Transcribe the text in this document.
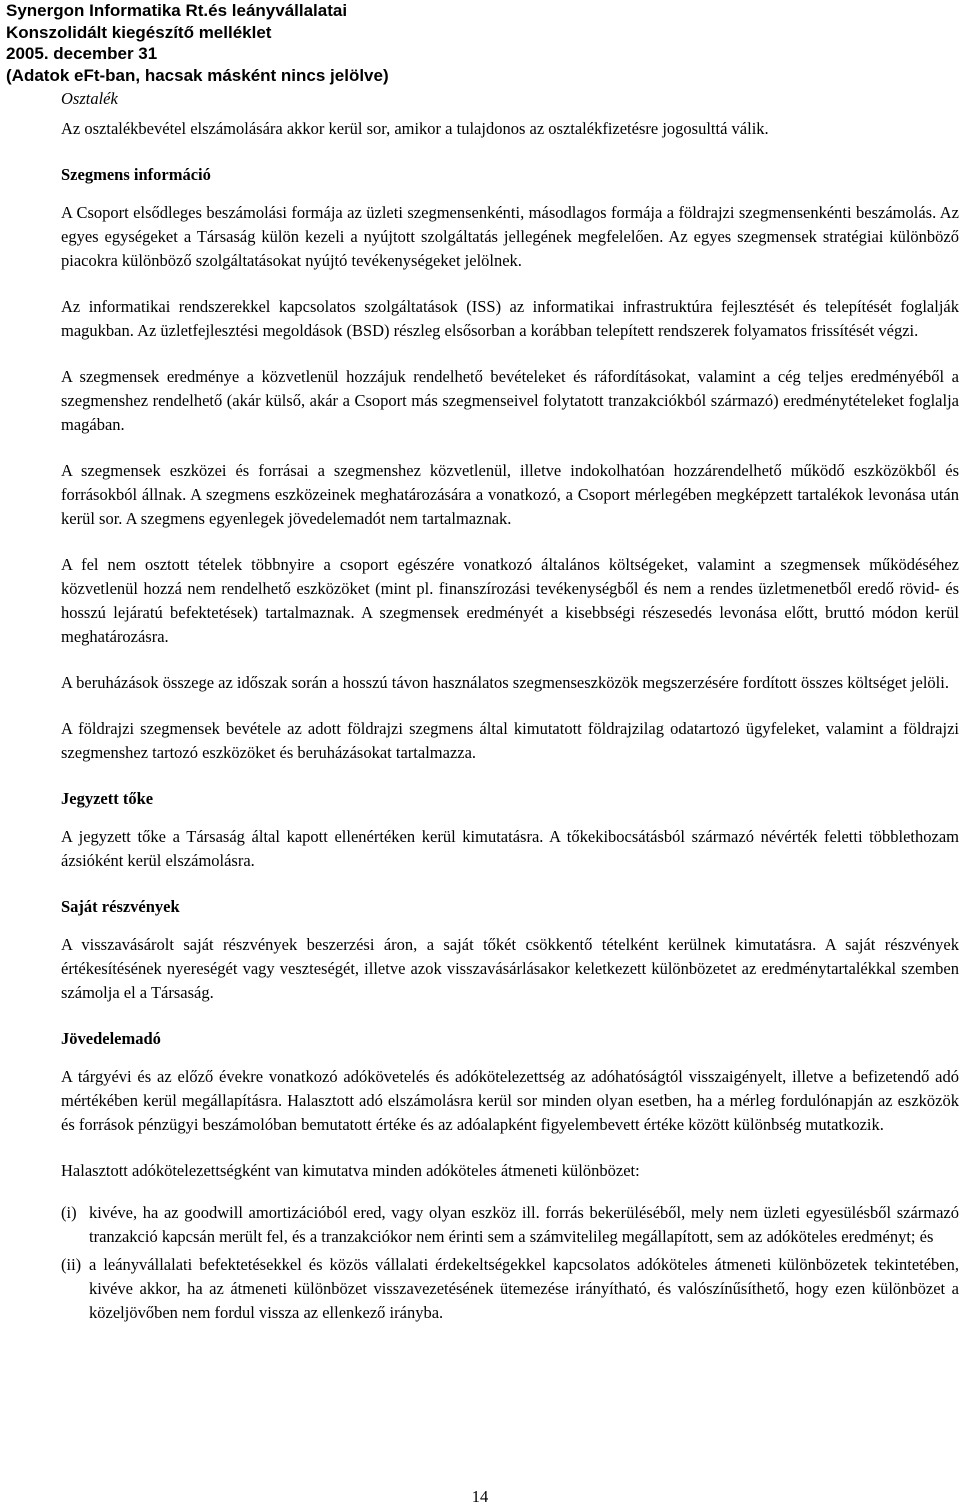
Synergon Informatika Rt.és leányvállalatai
Konszolidált kiegészítő melléklet
2005. december 31
(Adatok eFt-ban, hacsak másként nincs jelölve)

Osztalék

Az osztalékbevétel elszámolására akkor kerül sor, amikor a tulajdonos az osztalékfizetésre jogosulttá válik.

Szegmens információ

A Csoport elsődleges beszámolási formája az üzleti szegmensenkénti, másodlagos formája a földrajzi szegmensenkénti beszámolás. Az egyes egységeket a Társaság külön kezeli a nyújtott szolgáltatás jellegének megfelelően. Az egyes szegmensek stratégiai különböző piacokra különböző szolgáltatásokat nyújtó tevékenységeket jelölnek.

Az informatikai rendszerekkel kapcsolatos szolgáltatások (ISS) az informatikai infrastruktúra fejlesztését és telepítését foglalják magukban. Az üzletfejlesztési megoldások (BSD) részleg elsősorban a korábban telepített rendszerek folyamatos frissítését végzi.

A szegmensek eredménye a közvetlenül hozzájuk rendelhető bevételeket és ráfordításokat, valamint a cég teljes eredményéből a szegmenshez rendelhető (akár külső, akár a Csoport más szegmenseivel folytatott tranzakciókból származó) eredménytételeket foglalja magában.

A szegmensek eszközei és forrásai a szegmenshez közvetlenül, illetve indokolhatóan hozzárendelhető működő eszközökből és forrásokból állnak. A szegmens eszközeinek meghatározására a vonatkozó, a Csoport mérlegében megképzett tartalékok levonása után kerül sor. A szegmens egyenlegek jövedelemadót nem tartalmaznak.

A fel nem osztott tételek többnyire a csoport egészére vonatkozó általános költségeket, valamint a szegmensek működéséhez közvetlenül hozzá nem rendelhető eszközöket (mint pl. finanszírozási tevékenységből és nem a rendes üzletmenetből eredő rövid- és hosszú lejáratú befektetések) tartalmaznak. A szegmensek eredményét a kisebbségi részesedés levonása előtt, bruttó módon kerül meghatározásra.

A beruházások összege az időszak során a hosszú távon használatos szegmenseszközök megszerzésére fordított összes költséget jelöli.

A földrajzi szegmensek bevétele az adott földrajzi szegmens által kimutatott földrajzilag odatartozó ügyfeleket, valamint a földrajzi szegmenshez tartozó eszközöket és beruházásokat tartalmazza.

Jegyzett tőke

A jegyzett tőke a Társaság által kapott ellenértéken kerül kimutatásra. A tőkekibocsátásból származó névérték feletti többlethozam ázsióként kerül elszámolásra.

Saját részvények

A visszavásárolt saját részvények beszerzési áron, a saját tőkét csökkentő tételként kerülnek kimutatásra. A saját részvények értékesítésének nyereségét vagy veszteségét, illetve azok visszavásárlásakor keletkezett különbözetet az eredménytartalékkal szemben számolja el a Társaság.

Jövedelemadó

A tárgyévi és az előző évekre vonatkozó adókövetelés és adókötelezettség az adóhatóságtól visszaigényelt, illetve a befizetendő adó mértékében kerül megállapításra. Halasztott adó elszámolásra kerül sor minden olyan esetben, ha a mérleg fordulónapján az eszközök és források pénzügyi beszámolóban bemutatott értéke és az adóalapként figyelembevett értéke között különbség mutatkozik.

Halasztott adókötelezettségként van kimutatva minden adóköteles átmeneti különbözet:

(i) kivéve, ha az goodwill amortizációból ered, vagy olyan eszköz ill. forrás bekerüléséből, mely nem üzleti egyesülésből származó tranzakció kapcsán merült fel, és a tranzakciókor nem érinti sem a számvitelileg megállapított, sem az adóköteles eredményt; és
(ii) a leányvállalati befektetésekkel és közös vállalati érdekeltségekkel kapcsolatos adóköteles átmeneti különbözetek tekintetében, kivéve akkor, ha az átmeneti különbözet visszavezetésének ütemezése irányítható, és valószínűsíthető, hogy ezen különbözet a közeljövőben nem fordul vissza az ellenkező irányba.
14
